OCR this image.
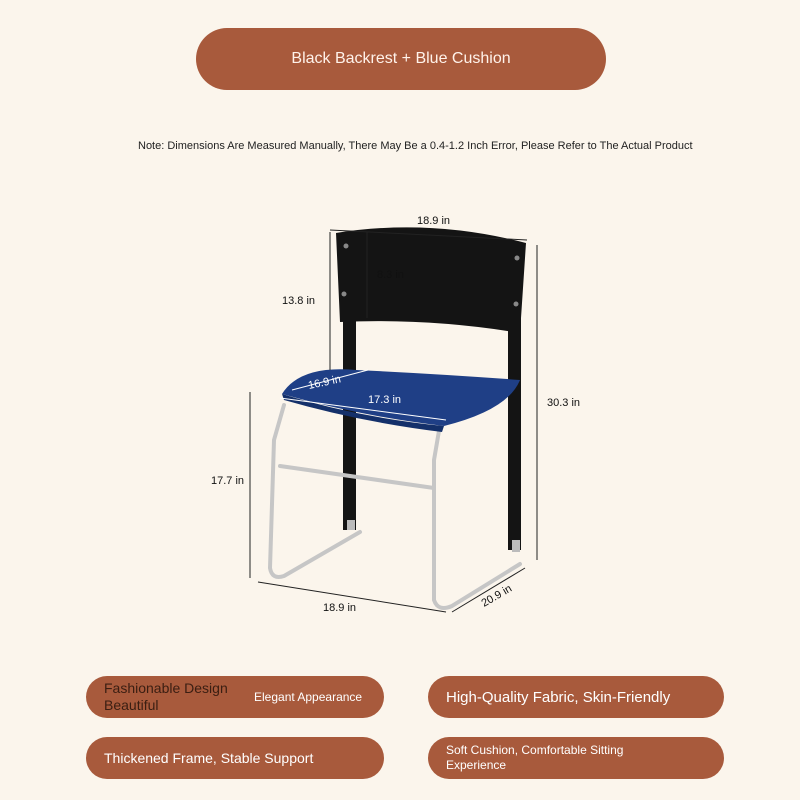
Black Backrest + Blue Cushion
Note: Dimensions Are Measured Manually, There May Be a 0.4-1.2 Inch Error, Please Refer to The Actual Product
18.9 in
8.3 in
13.8 in
30.3 in
16.9 in
17.3 in
17.7 in
18.9 in	20.9 in
Fashionable Design Beautiful	Elegant Appearance	High-Quality Fabric, Skin-Friendly
Thickened Frame, Stable Support	Soft Cushion, Comfortable Sitting Experience
